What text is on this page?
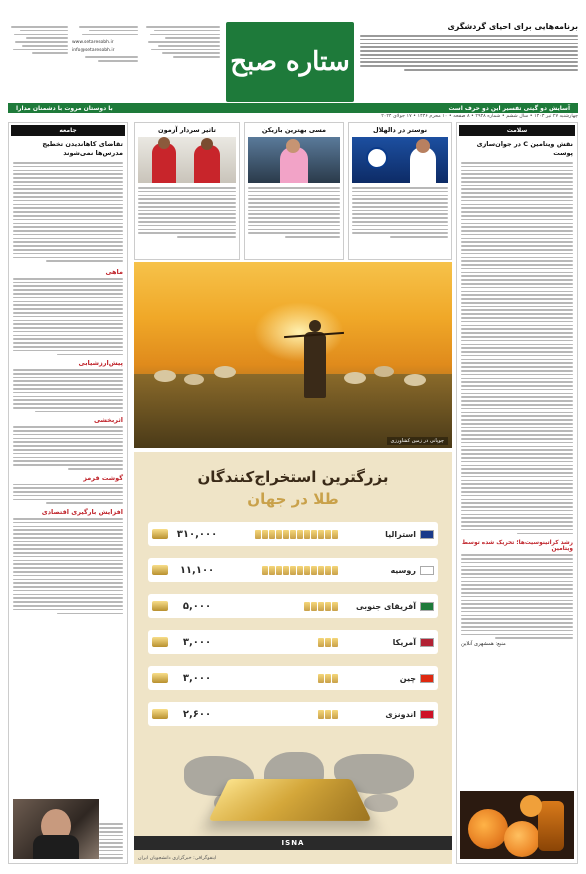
www.setaresobh.ir
info@setaresobh.ir	ستاره صبح
برنامه‌هایی برای احیای گردشگری
آسایش دو گیتی تفسیر این دو حرف است
با دوستان مروت با دشمنان مدارا
چهارشنبه ۲۷ تیر ۱۴۰۳ • سال ششم • شماره ۲۹۳۸ • ۸ صفحه • ۱۰ محرم ۱۴۴۶ • ۱۷ جولای ۲۰۲۴
جامعه
تقاضای کاهاندیدن تخطیج مدرس‌ها نمی‌شوند
ماهی
پیش‌ارزشیابی
اثربخشی
گوشت قرمز
افزایش بارگیری اقتصادی
سلامت
نقش ویتامین C در جوان‌سازی پوست
رشد کراتینوسیت‌ها؛ تحریک شده توسط ویتامین
منبع: همشهری آنلاین
تاثیر سردار آزمون	مسی بهترین بازیکن	نوستر در دالهلال
چوپانی در زمین کشاورزی
بزرگترین استخراج‌کنندگان
طلا در جهان
استرالیا
۳۱۰,۰۰۰
روسیه
۱۱,۱۰۰
آفریقای جنوبی
۵,۰۰۰
آمریکا
۳,۰۰۰
چین
۳,۰۰۰
اندونزی
۲,۶۰۰
ISNA
اینفوگرافی: خبرگزاری دانشجویان ایران
